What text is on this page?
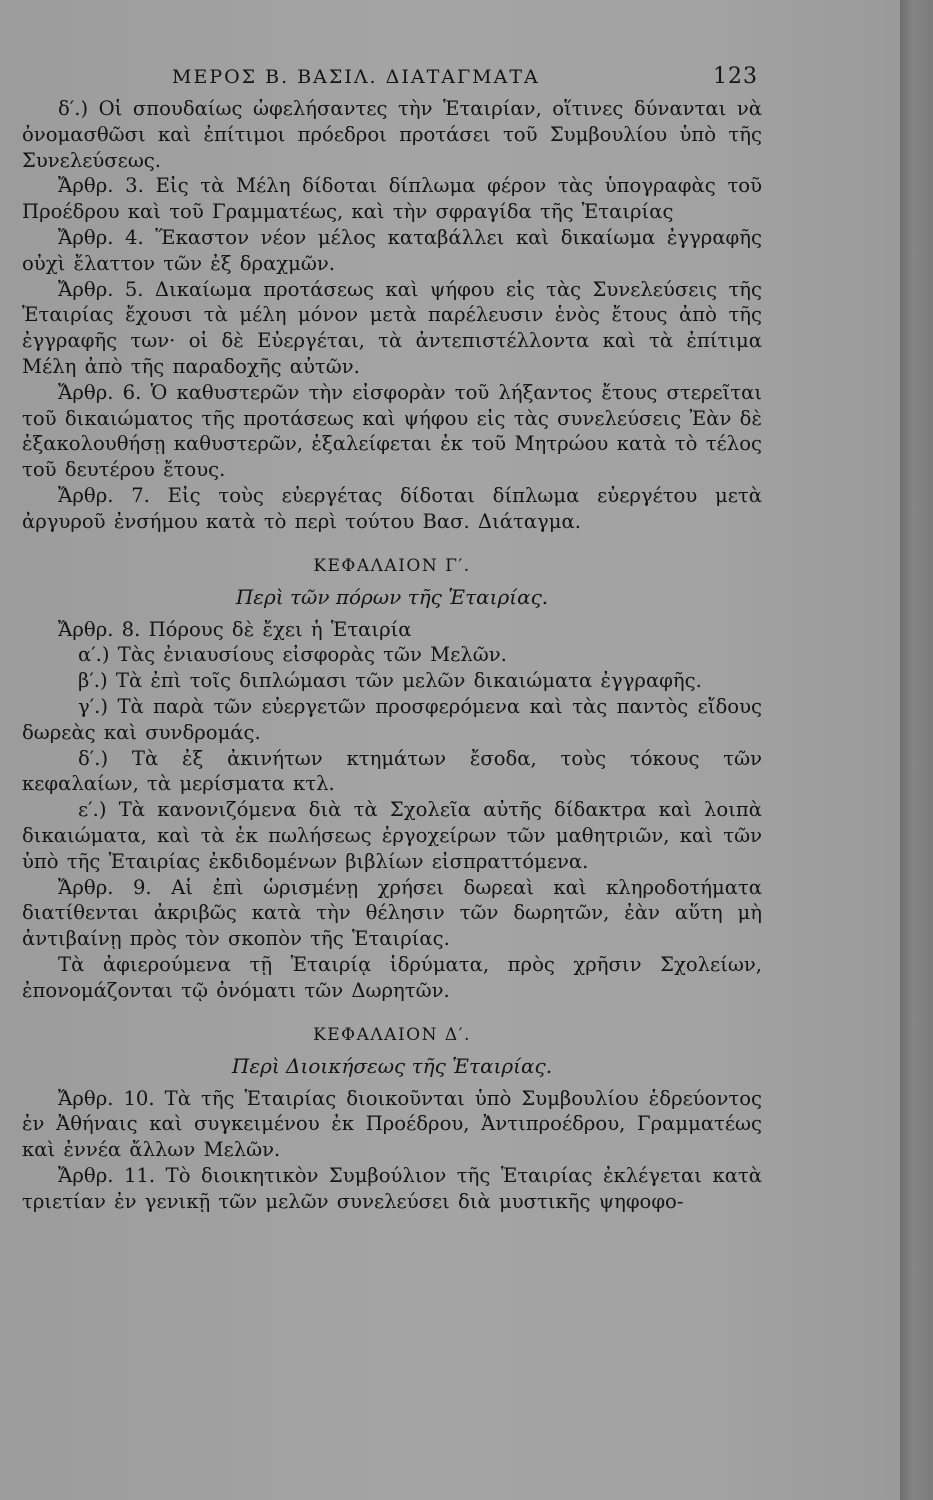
ΜΕΡΟΣ Β. ΒΑΣΙΛ. ΔΙΑΤΑΓΜΑΤΑ	123

δ′.) Οἱ σπουδαίως ὠφελήσαντες τὴν Ἑταιρίαν, οἵτινες δύνανται νὰ ὀνομασθῶσι καὶ ἐπίτιμοι πρόεδροι προτάσει τοῦ Συμβουλίου ὑπὸ τῆς Συνελεύσεως.

Ἄρθρ. 3. Εἰς τὰ Μέλη δίδοται δίπλωμα φέρον τὰς ὑπογραφὰς τοῦ Προέδρου καὶ τοῦ Γραμματέως, καὶ τὴν σφραγίδα τῆς Ἑταιρίας

Ἄρθρ. 4. Ἕκαστον νέον μέλος καταβάλλει καὶ δικαίωμα ἐγγραφῆς οὐχὶ ἔλαττον τῶν ἐξ δραχμῶν.

Ἄρθρ. 5. Δικαίωμα προτάσεως καὶ ψήφου εἰς τὰς Συνελεύσεις τῆς Ἑταιρίας ἔχουσι τὰ μέλη μόνον μετὰ παρέλευσιν ἑνὸς ἔτους ἀπὸ τῆς ἐγγραφῆς των· οἱ δὲ Εὐεργέται, τὰ ἀντεπιστέλλοντα καὶ τὰ ἐπίτιμα Μέλη ἀπὸ τῆς παραδοχῆς αὐτῶν.

Ἄρθρ. 6. Ὁ καθυστερῶν τὴν εἰσφορὰν τοῦ λήξαντος ἔτους στερεῖται τοῦ δικαιώματος τῆς προτάσεως καὶ ψήφου εἰς τὰς συνελεύσεις Ἐὰν δὲ ἐξακολουθήσῃ καθυστερῶν, ἐξαλείφεται ἐκ τοῦ Μητρώου κατὰ τὸ τέλος τοῦ δευτέρου ἔτους.

Ἄρθρ. 7. Εἰς τοὺς εὐεργέτας δίδοται δίπλωμα εὐεργέτου μετὰ ἀργυροῦ ἐνσήμου κατὰ τὸ περὶ τούτου Βασ. Διάταγμα.

ΚΕΦΑΛΑΙΟΝ Γ′.
Περὶ τῶν πόρων τῆς Ἑταιρίας.

Ἄρθρ. 8. Πόρους δὲ ἔχει ἡ Ἑταιρία

α′.) Τὰς ἐνιαυσίους εἰσφορὰς τῶν Μελῶν.

β′.) Τὰ ἐπὶ τοῖς διπλώμασι τῶν μελῶν δικαιώματα ἐγγραφῆς.

γ′.) Τὰ παρὰ τῶν εὐεργετῶν προσφερόμενα καὶ τὰς παντὸς εἴδους δωρεὰς καὶ συνδρομάς.

δ′.) Τὰ ἐξ ἀκινήτων κτημάτων ἔσοδα, τοὺς τόκους τῶν κεφαλαίων, τὰ μερίσματα κτλ.

ε′.) Τὰ κανονιζόμενα διὰ τὰ Σχολεῖα αὐτῆς δίδακτρα καὶ λοιπὰ δικαιώματα, καὶ τὰ ἐκ πωλήσεως ἐργοχείρων τῶν μαθητριῶν, καὶ τῶν ὑπὸ τῆς Ἑταιρίας ἐκδιδομένων βιβλίων εἰσπραττόμενα.

Ἄρθρ. 9. Αἱ ἐπὶ ὡρισμένῃ χρήσει δωρεαὶ καὶ κληροδοτήματα διατίθενται ἀκριβῶς κατὰ τὴν θέλησιν τῶν δωρητῶν, ἐὰν αὕτη μὴ ἀντιβαίνῃ πρὸς τὸν σκοπὸν τῆς Ἑταιρίας.

Τὰ ἀφιερούμενα τῇ Ἑταιρίᾳ ἱδρύματα, πρὸς χρῆσιν Σχολείων, ἐπονομάζονται τῷ ὀνόματι τῶν Δωρητῶν.

ΚΕΦΑΛΑΙΟΝ Δ′.
Περὶ Διοικήσεως τῆς Ἑταιρίας.

Ἄρθρ. 10. Τὰ τῆς Ἑταιρίας διοικοῦνται ὑπὸ Συμβουλίου ἑδρεύοντος ἐν Ἀθήναις καὶ συγκειμένου ἐκ Προέδρου, Ἀντιπροέδρου, Γραμματέως καὶ ἐννέα ἄλλων Μελῶν.

Ἄρθρ. 11. Τὸ διοικητικὸν Συμβούλιον τῆς Ἑταιρίας ἐκλέγεται κατὰ τριετίαν ἐν γενικῇ τῶν μελῶν συνελεύσει διὰ μυστικῆς ψηφοφο-
